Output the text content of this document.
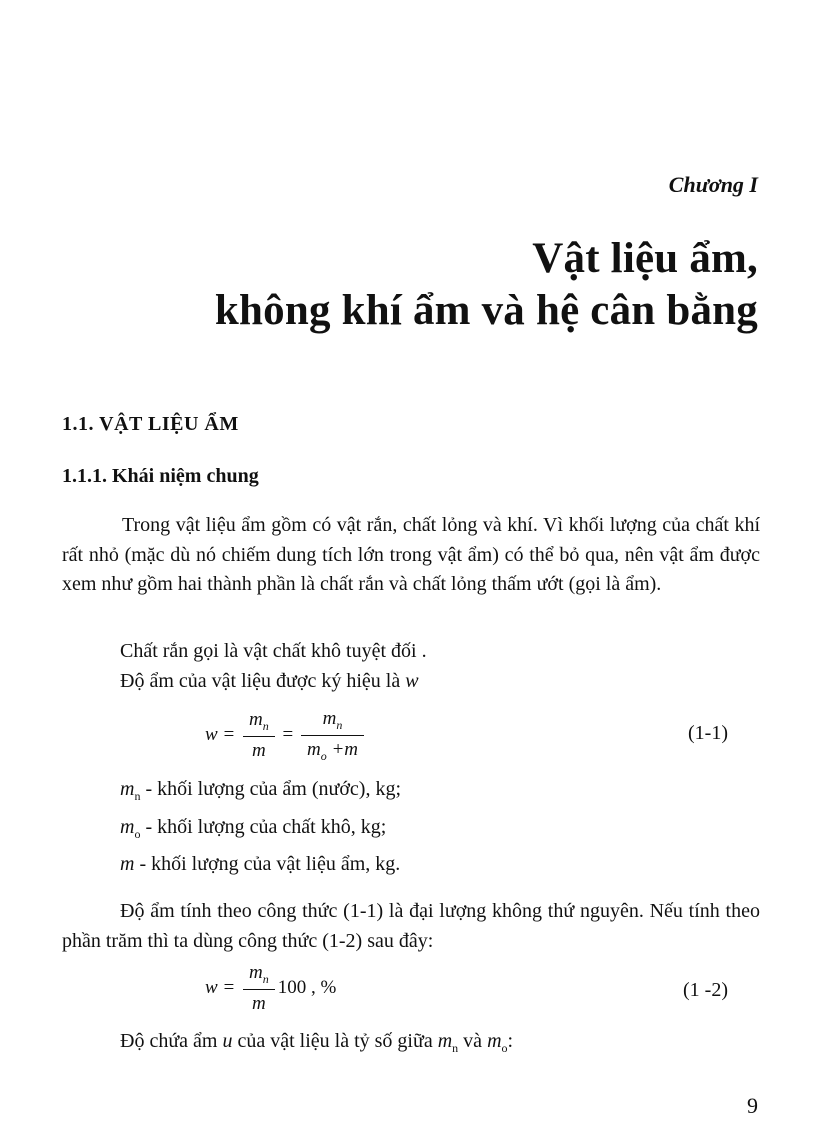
Chương I
Vật liệu ẩm,
không khí ẩm và hệ cân bằng
1.1. VẬT LIỆU ẨM
1.1.1. Khái niệm chung
Trong vật liệu ẩm gồm có vật rắn, chất lỏng và khí. Vì khối lượng của chất khí rất nhỏ (mặc dù nó chiếm dung tích lớn trong vật ẩm) có thể bỏ qua, nên vật ẩm được xem như gồm hai thành phần là chất rắn và chất lỏng thấm ướt (gọi là ẩm).
Chất rắn gọi là vật chất khô tuyệt đối .
Độ ẩm của vật liệu được ký hiệu là w
$w = \frac{m_n}{m} = \frac{m_n}{m_o +m}$	(1-1)
$m_n$ - khối lượng của ẩm (nước), kg;
$m_o$ - khối lượng của chất khô, kg;
m - khối lượng của vật liệu ẩm, kg.
Độ ẩm tính theo công thức (1-1) là đại lượng không thứ nguyên. Nếu tính theo phần trăm thì ta dùng công thức (1-2) sau đây:
$w = \frac{m_n}{m} 100$ , %	(1 -2)
Độ chứa ẩm u của vật liệu là tỷ số giữa $m_n$ và $m_o$:
9
